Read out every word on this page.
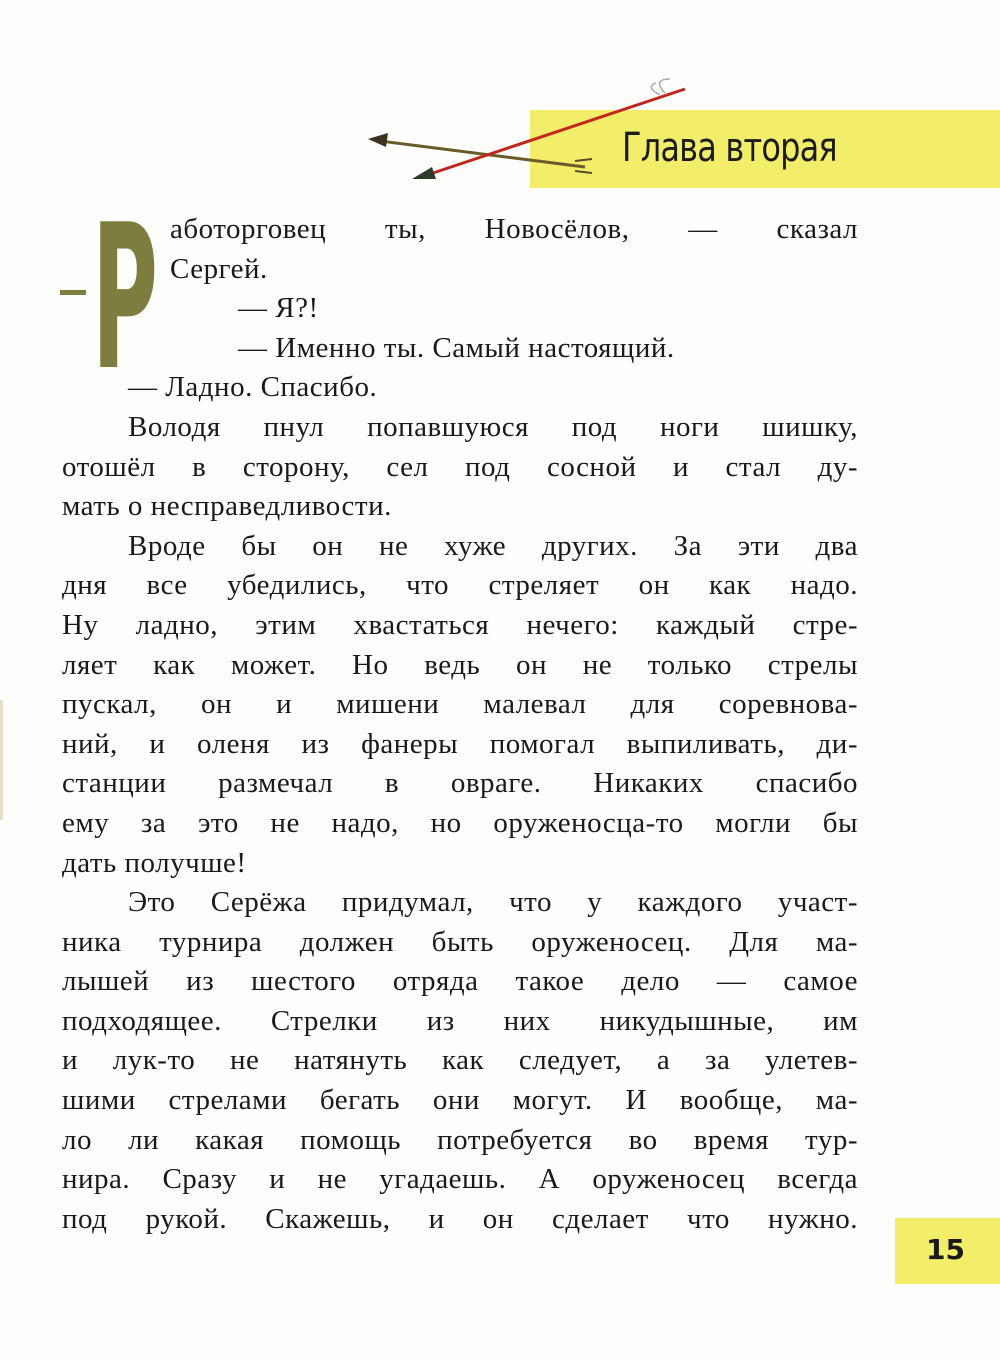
Глава вторая
Р аботорговец ты, Новосёлов, — сказал
Сергей.
— Я?!
— Именно ты. Самый настоящий.
— Ладно. Спасибо.
Володя пнул попавшуюся под ноги шишку,
отошёл в сторону, сел под сосной и стал ду-
мать о несправедливости.
Вроде бы он не хуже других. За эти два
дня все убедились, что стреляет он как надо.
Ну ладно, этим хвастаться нечего: каждый стре-
ляет как может. Но ведь он не только стрелы
пускал, он и мишени малевал для соревнова-
ний, и оленя из фанеры помогал выпиливать, ди-
станции размечал в овраге. Никаких спасибо
ему за это не надо, но оруженосца-то могли бы
дать получше!
Это Серёжа придумал, что у каждого участ-
ника турнира должен быть оруженосец. Для ма-
лышей из шестого отряда такое дело — самое
подходящее. Стрелки из них никудышные, им
и лук-то не натянуть как следует, а за улетев-
шими стрелами бегать они могут. И вообще, ма-
ло ли какая помощь потребуется во время тур-
нира. Сразу и не угадаешь. А оруженосец всегда
под рукой. Скажешь, и он сделает что нужно.
15
